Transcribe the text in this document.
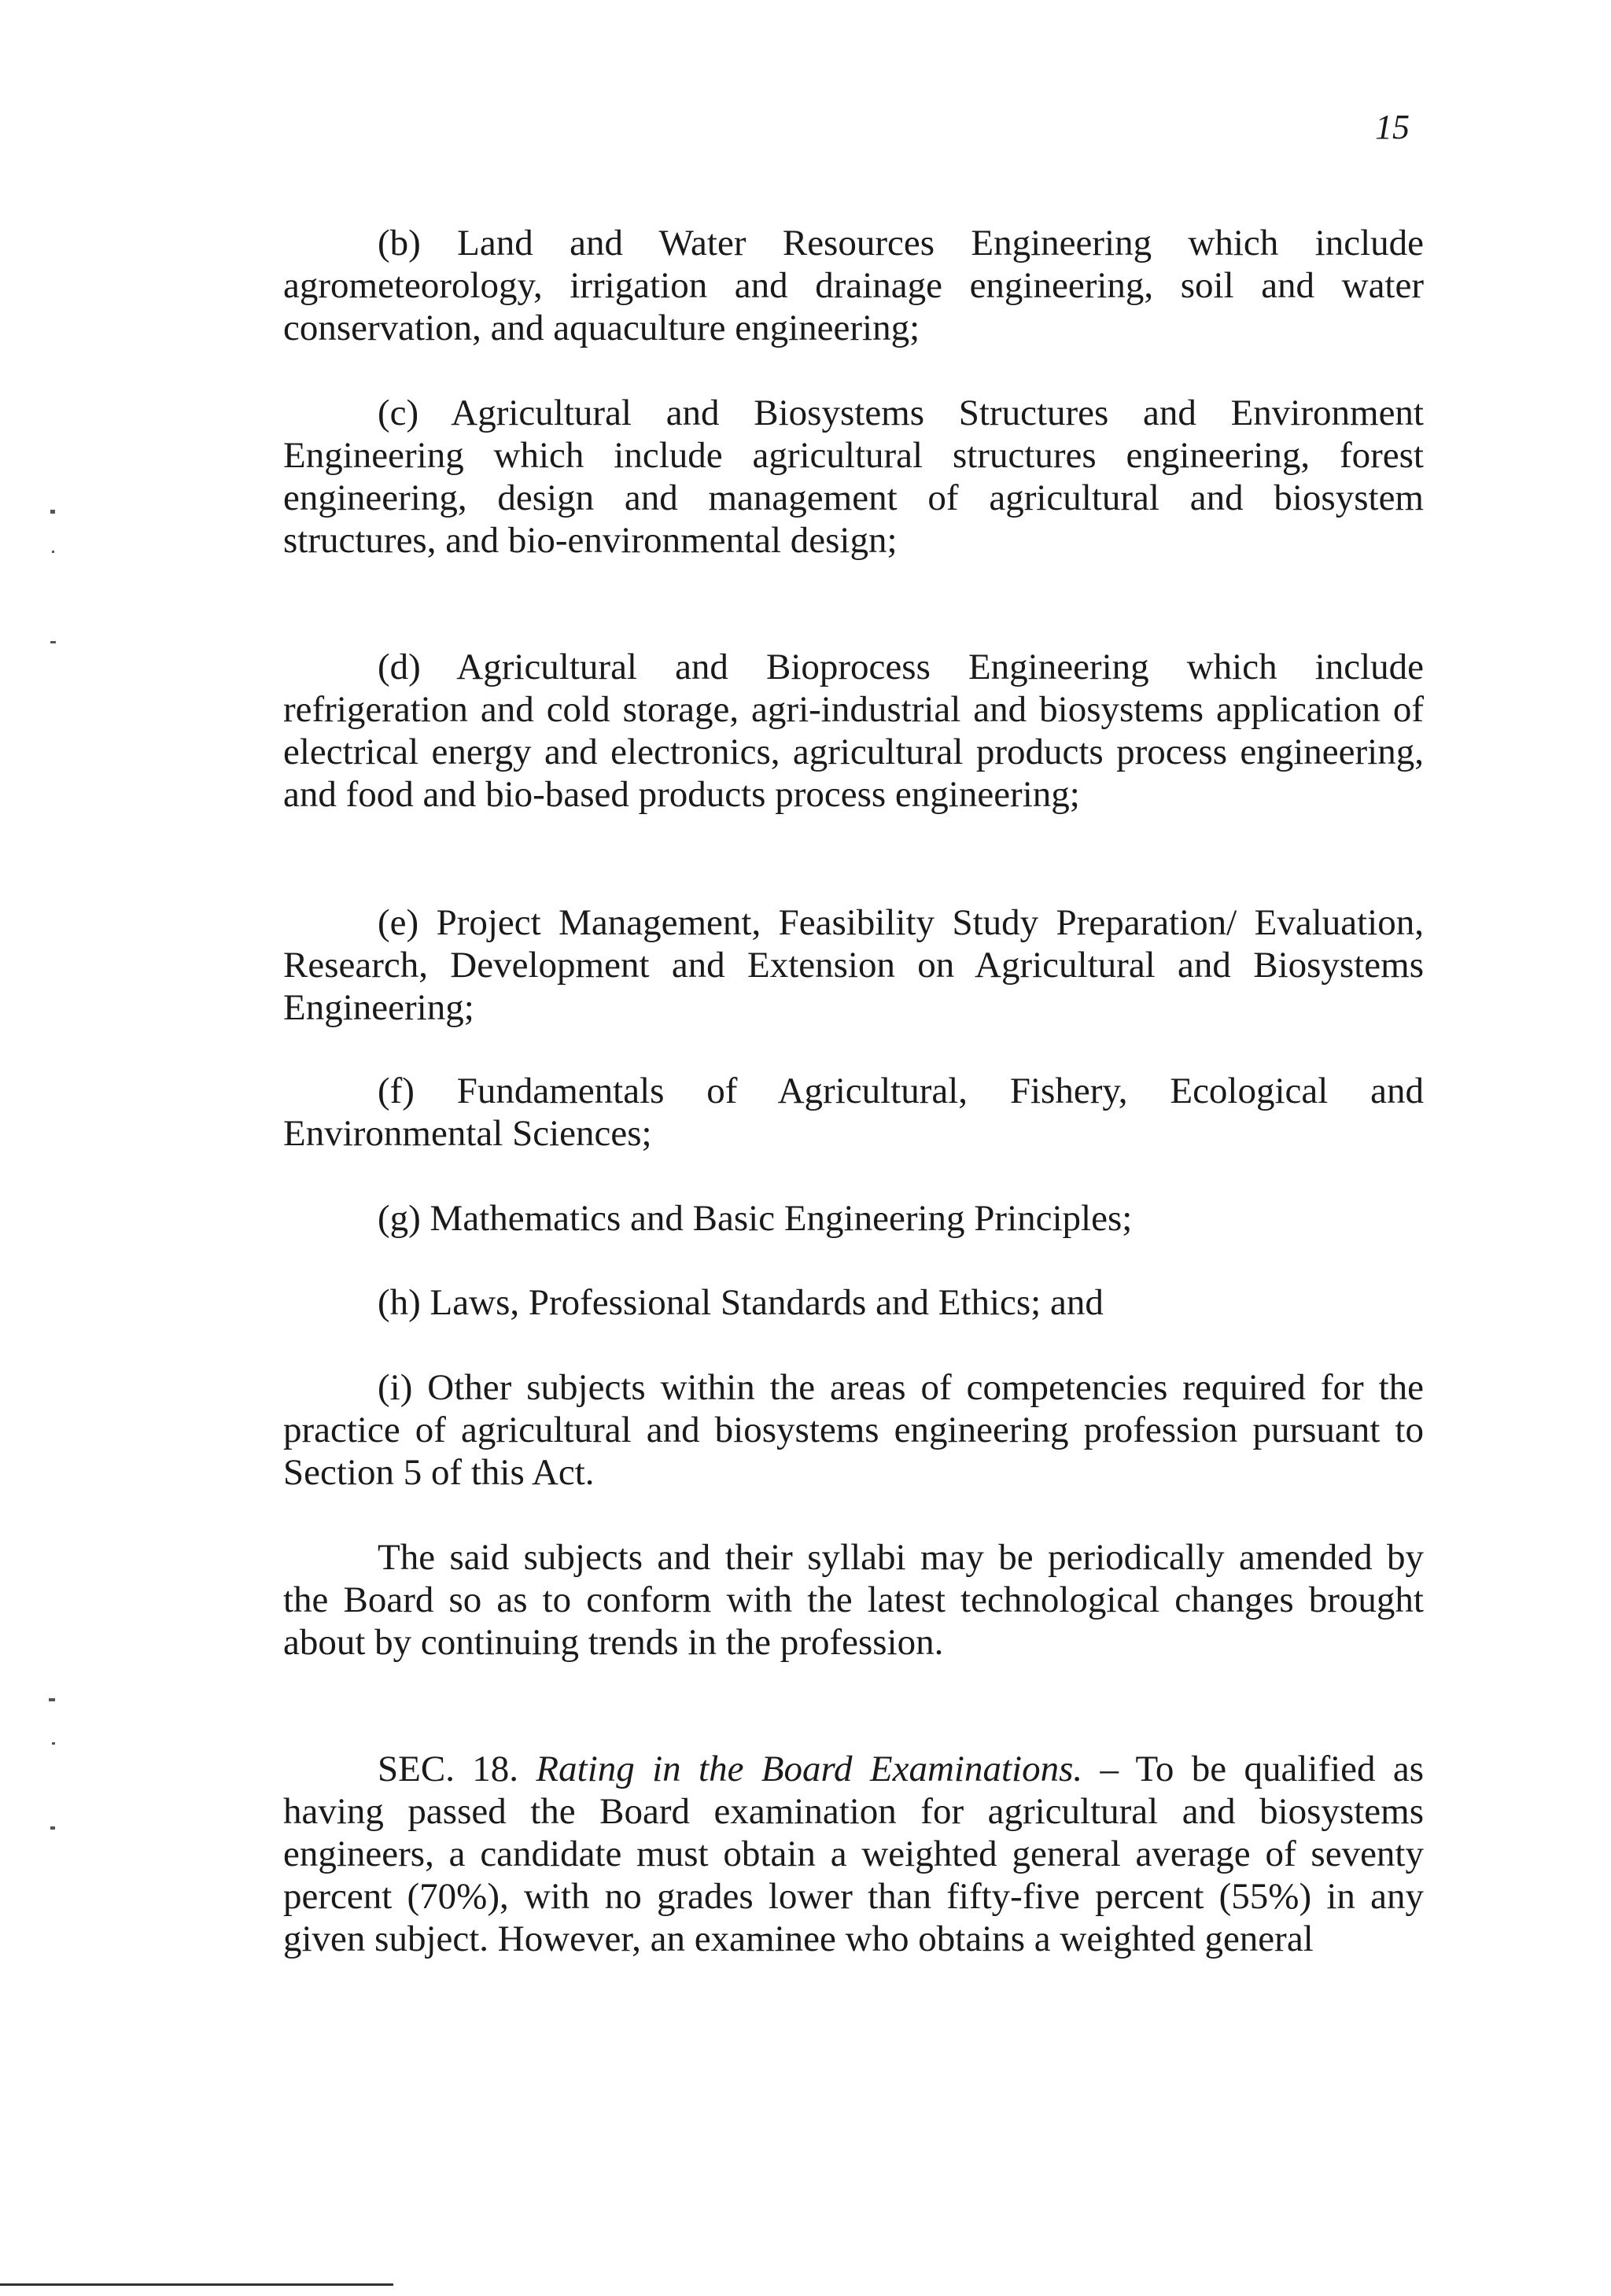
15

(b) Land and Water Resources Engineering which include agrometeorology, irrigation and drainage engineering, soil and water conservation, and aquaculture engineering;

(c) Agricultural and Biosystems Structures and Environment Engineering which include agricultural structures engineering, forest engineering, design and management of agricultural and biosystem structures, and bio-environmental design;

(d) Agricultural and Bioprocess Engineering which include refrigeration and cold storage, agri-industrial and biosystems application of electrical energy and electronics, agricultural products process engineering, and food and bio-based products process engineering;

(e) Project Management, Feasibility Study Preparation/ Evaluation, Research, Development and Extension on Agricultural and Biosystems Engineering;

(f) Fundamentals of Agricultural, Fishery, Ecological and Environmental Sciences;

(g) Mathematics and Basic Engineering Principles;

(h) Laws, Professional Standards and Ethics; and

(i) Other subjects within the areas of competencies required for the practice of agricultural and biosystems engineering profession pursuant to Section 5 of this Act.

The said subjects and their syllabi may be periodically amended by the Board so as to conform with the latest technological changes brought about by continuing trends in the profession.

SEC. 18. Rating in the Board Examinations. – To be qualified as having passed the Board examination for agricultural and biosystems engineers, a candidate must obtain a weighted general average of seventy percent (70%), with no grades lower than fifty-five percent (55%) in any given subject. However, an examinee who obtains a weighted general
